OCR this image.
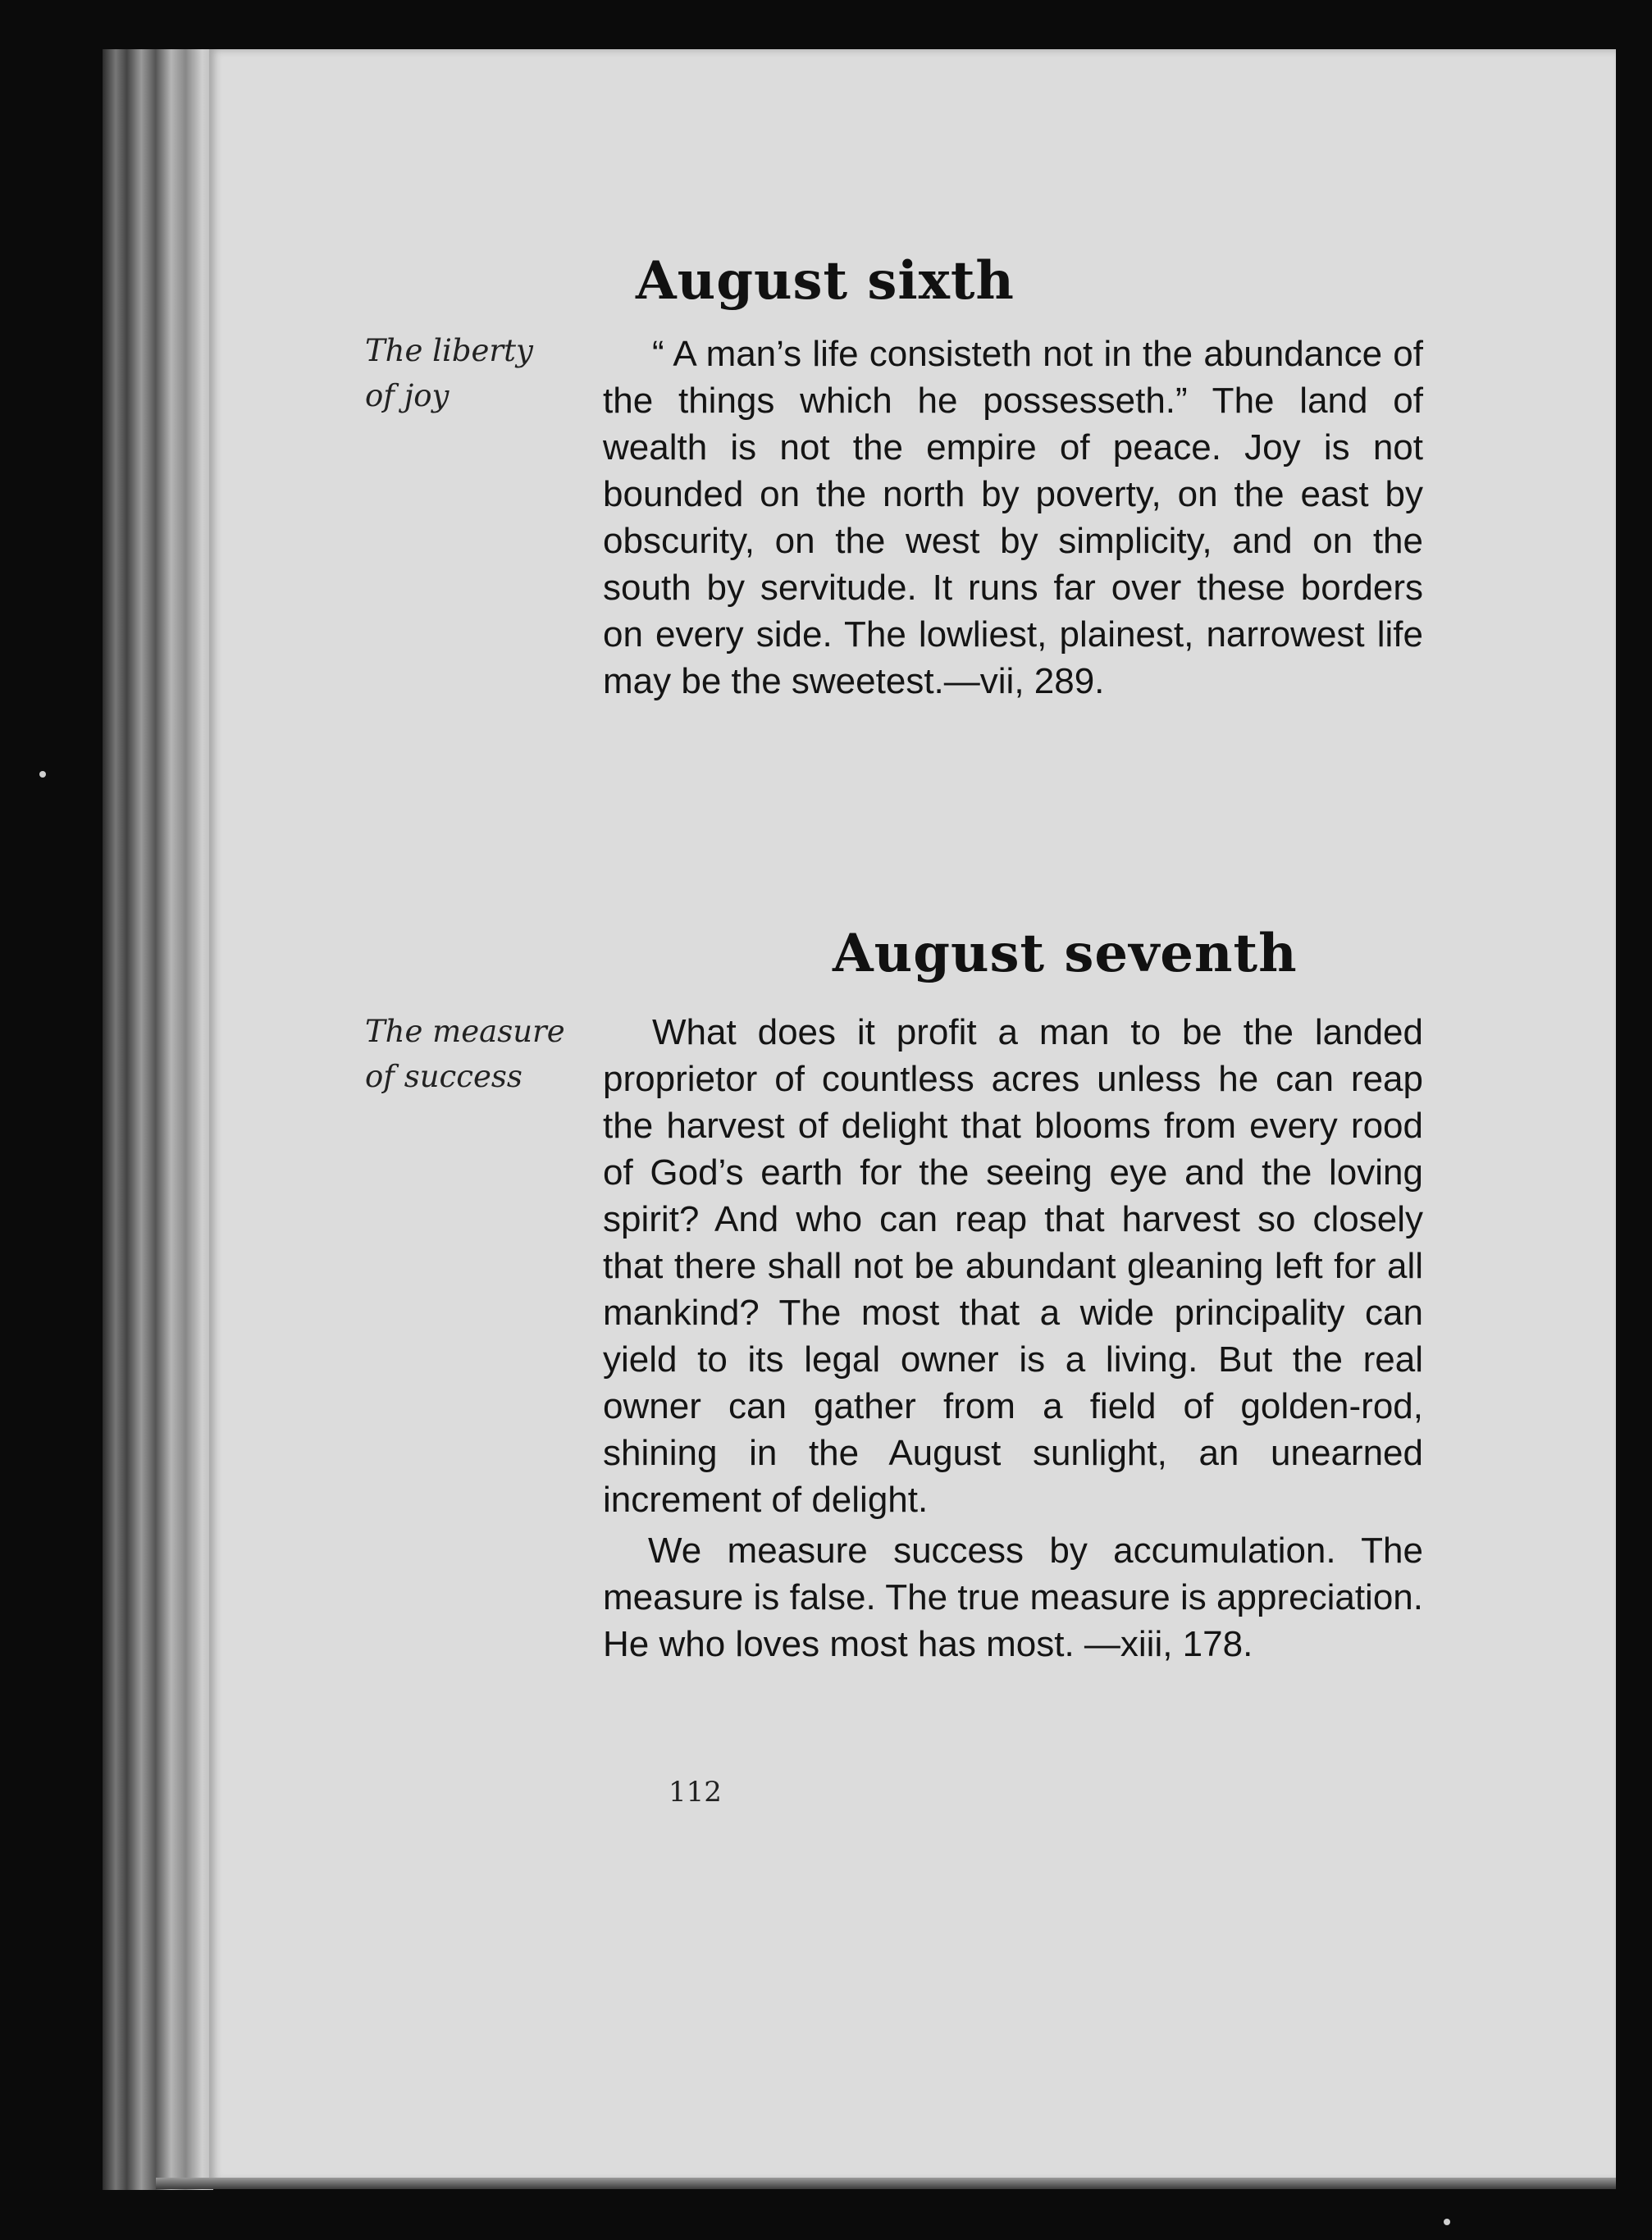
August sixth
The liberty of joy

“ A man’s life consisteth not in the abundance of the things which he possesseth.” The land of wealth is not the empire of peace. Joy is not bounded on the north by poverty, on the east by obscurity, on the west by simplicity, and on the south by servitude. It runs far over these borders on every side. The lowliest, plainest, narrowest life may be the sweetest.—vii, 289.

August seventh
The measure of success

What does it profit a man to be the landed proprietor of countless acres unless he can reap the harvest of delight that blooms from every rood of God’s earth for the seeing eye and the loving spirit? And who can reap that harvest so closely that there shall not be abundant gleaning left for all mankind? The most that a wide principality can yield to its legal owner is a living. But the real owner can gather from a field of golden-rod, shining in the August sunlight, an unearned increment of delight.

We measure success by accumulation. The measure is false. The true measure is appreciation. He who loves most has most. —xiii, 178.

112
